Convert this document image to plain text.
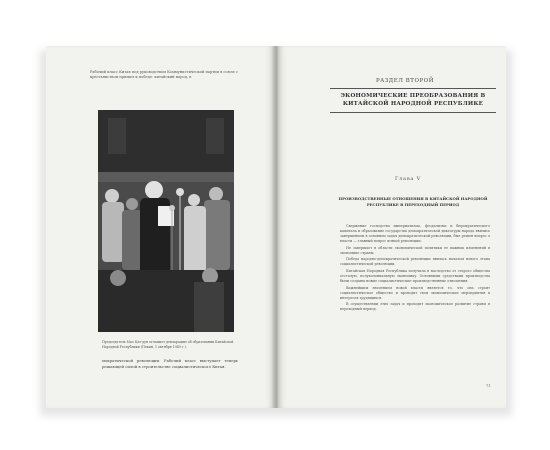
Рабочий класс Китая под руководством Коммунистической партии в союзе с крестьянством пришел к победе: китайский народ, в
Председатель Мао Цзэ-дун оглашает декларацию об образовании Китайской Народной Республики (Пекин, 1 октября 1949 г.).
мократической революции. Рабочий класс выступает теперь решающей силой в строительстве социалистического Китая.
РАЗДЕЛ ВТОРОЙ
ЭКОНОМИЧЕСКИЕ ПРЕОБРАЗОВАНИЯ В КИТАЙСКОЙ НАРОДНОЙ РЕСПУБЛИКЕ
Глава V
ПРОИЗВОДСТВЕННЫЕ ОТНОШЕНИЯ В КИТАЙСКОЙ НАРОДНОЙ РЕСПУБЛИКЕ В ПЕРЕХОДНЫЙ ПЕРИОД

Свержение господства империализма, феодализма и бюрократического капитала и образование государства демократической диктатуры народа явились завершением в основном задач демократической революции, был решен вопрос о власти — главный вопрос всякой революции.

Не завершает в области экономической политики ее важных изменений в экономике страны.

Победа народно-демократической революции явилась началом нового этапа социалистической революции.

Китайская Народная Республика получила в наследство от старого общества отсталую, полуколониальную экономику. Основными средствами производства были созданы новые социалистические производственные отношения.

Важнейшим значением новой власти является то, что она строит социалистическое общество и проводит свои экономические мероприятия в интересах трудящихся.

В осуществлении этих задач и проходит экономическое развитие страны в переходный период.

71
